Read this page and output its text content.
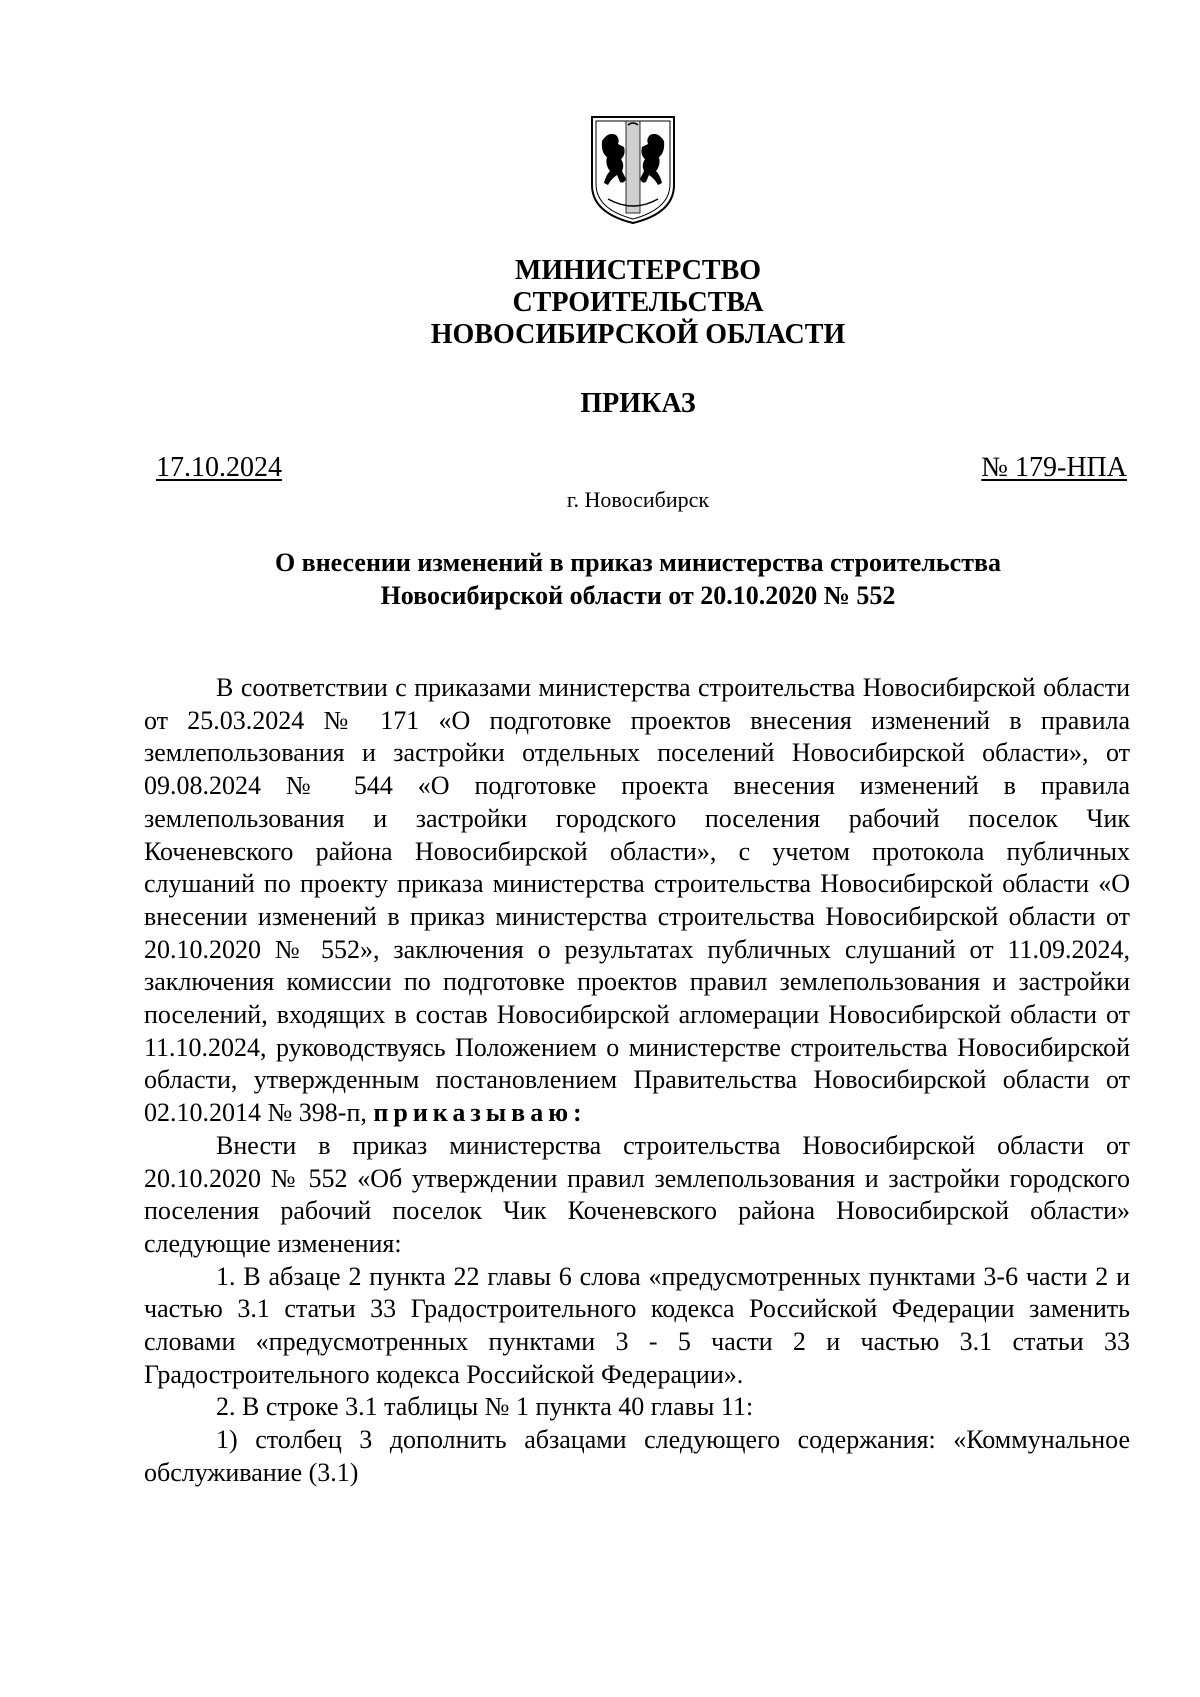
МИНИСТЕРСТВО
СТРОИТЕЛЬСТВА
НОВОСИБИРСКОЙ ОБЛАСТИ
ПРИКАЗ
17.10.2024	№ 179-НПА
г. Новосибирск
О внесении изменений в приказ министерства строительства
Новосибирской области от 20.10.2020 № 552

В соответствии с приказами министерства строительства Новосибирской области от 25.03.2024 № 171 «О подготовке проектов внесения изменений в правила землепользования и застройки отдельных поселений Новосибирской области», от 09.08.2024 № 544 «О подготовке проекта внесения изменений в правила землепользования и застройки городского поселения рабочий поселок Чик Коченевского района Новосибирской области», с учетом протокола публичных слушаний по проекту приказа министерства строительства Новосибирской области «О внесении изменений в приказ министерства строительства Новосибирской области от 20.10.2020 № 552», заключения о результатах публичных слушаний от 11.09.2024, заключения комиссии по подготовке проектов правил землепользования и застройки поселений, входящих в состав Новосибирской агломерации Новосибирской области от 11.10.2024, руководствуясь Положением о министерстве строительства Новосибирской области, утвержденным постановлением Правительства Новосибирской области от 02.10.2014 № 398-п, приказываю:

Внести в приказ министерства строительства Новосибирской области от 20.10.2020 № 552 «Об утверждении правил землепользования и застройки городского поселения рабочий поселок Чик Коченевского района Новосибирской области» следующие изменения:

1. В абзаце 2 пункта 22 главы 6 слова «предусмотренных пунктами 3-6 части 2 и частью 3.1 статьи 33 Градостроительного кодекса Российской Федерации заменить словами «предусмотренных пунктами 3 - 5 части 2 и частью 3.1 статьи 33 Градостроительного кодекса Российской Федерации».

2. В строке 3.1 таблицы № 1 пункта 40 главы 11:

1) столбец 3 дополнить абзацами следующего содержания: «Коммунальное обслуживание (3.1)
